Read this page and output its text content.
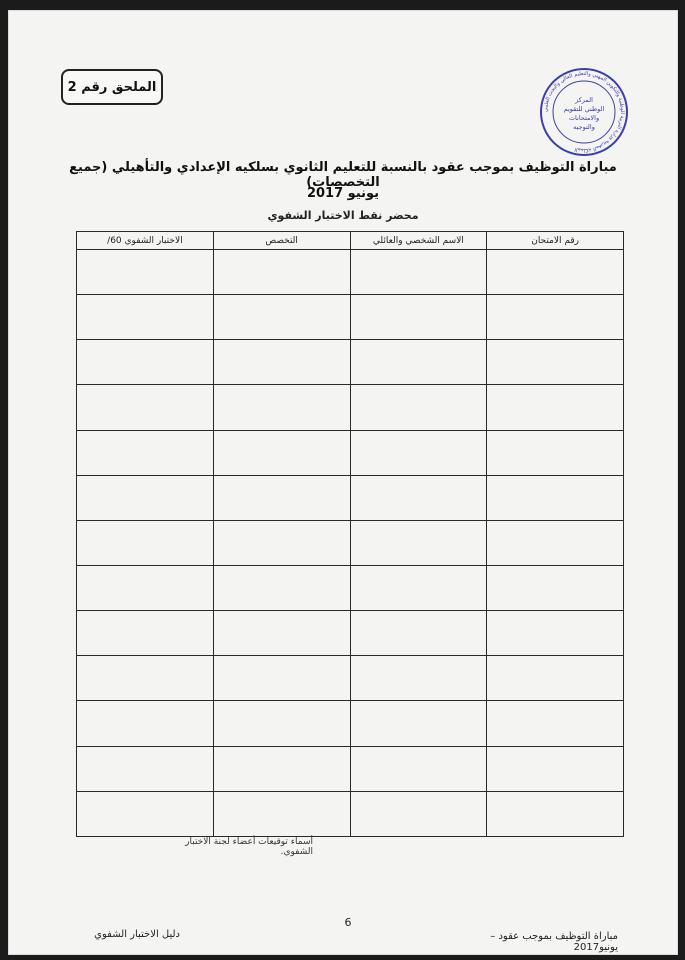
الملحق رقم 2
المملكة المغربية وزارة التربية الوطنية والتكوين المهني والتعليم العالي والبحث العلمي
المركز
الوطني للتقويم
والامتحانات
والتوجيه
مباراة التوظيف بموجب عقود بالنسبة للتعليم الثانوي بسلكيه الإعدادي والتأهيلي (جميع التخصصات)
يونيو 2017
محضر نقط الاختبار الشفوي
رقم الامتحان	الاسم الشخصي والعائلي	التخصص	الاختبار الشفوي 60/

أسماء توقيعات أعضاء لجنة الاختبار الشفوي.
6
دليل الاختبار الشفوي	مباراة التوظيف بموجب عقود – يونيو2017
